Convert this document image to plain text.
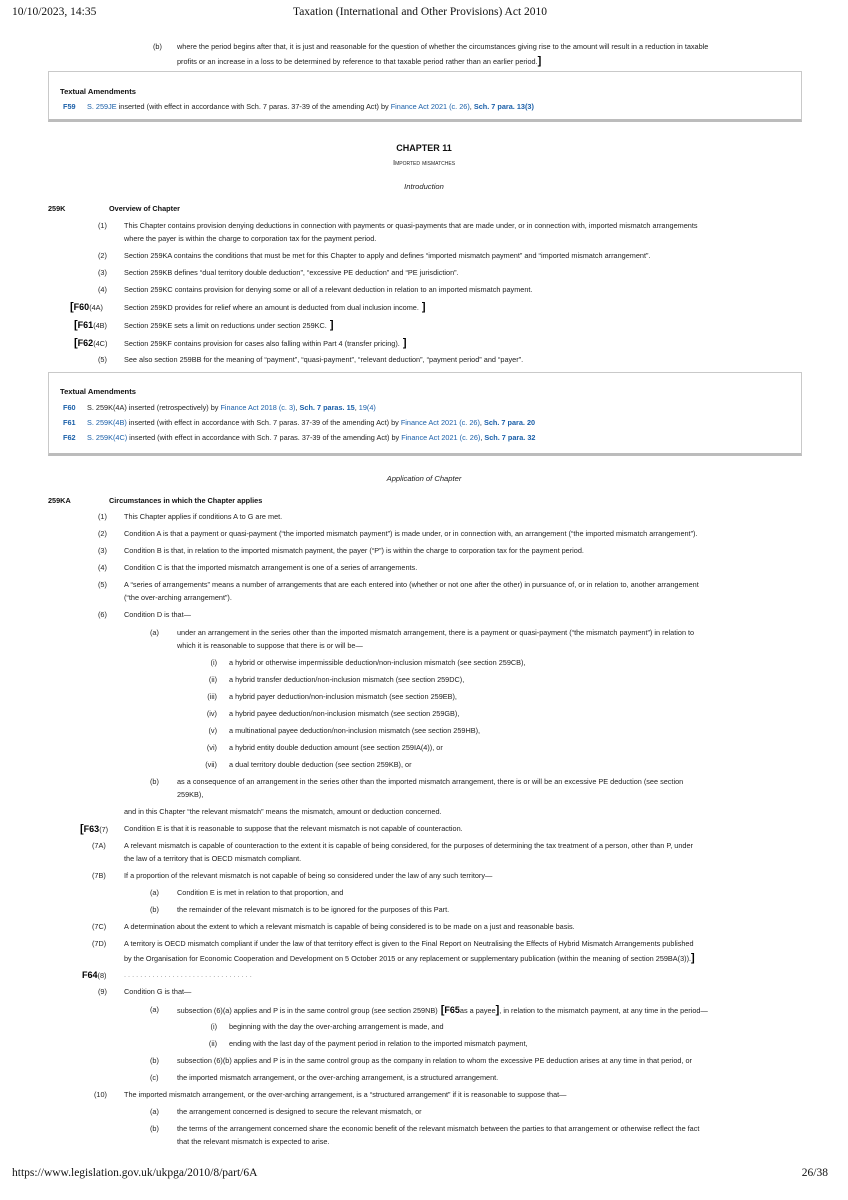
10/10/2023, 14:35	Taxation (International and Other Provisions) Act 2010
(b) where the period begins after that, it is just and reasonable for the question of whether the circumstances giving rise to the amount will result in a reduction in taxable
profits or an increase in a loss to be determined by reference to that taxable period rather than an earlier period.]
Textual Amendments
F59 S. 259JE inserted (with effect in accordance with Sch. 7 paras. 37-39 of the amending Act) by Finance Act 2021 (c. 26), Sch. 7 para. 13(3)
CHAPTER 11
Imported mismatches
Introduction
259K	Overview of Chapter
(1) This Chapter contains provision denying deductions in connection with payments or quasi-payments that are made under, or in connection with, imported mismatch arrangements
where the payer is within the charge to corporation tax for the payment period.
(2) Section 259KA contains the conditions that must be met for this Chapter to apply and defines “imported mismatch payment” and “imported mismatch arrangement”.
(3) Section 259KB defines “dual territory double deduction”, “excessive PE deduction” and “PE jurisdiction”.
(4) Section 259KC contains provision for denying some or all of a relevant deduction in relation to an imported mismatch payment.
[F60(4A)	Section 259KD provides for relief where an amount is deducted from dual inclusion income. ]
[F61(4B) Section 259KE sets a limit on reductions under section 259KC. ]
[F62(4C) Section 259KF contains provision for cases also falling within Part 4 (transfer pricing). ]
(5) See also section 259BB for the meaning of “payment”, “quasi-payment”, “relevant deduction”, “payment period” and “payer”.
Textual Amendments
F60 S. 259K(4A) inserted (retrospectively) by Finance Act 2018 (c. 3), Sch. 7 paras. 15, 19(4)
F61 S. 259K(4B) inserted (with effect in accordance with Sch. 7 paras. 37-39 of the amending Act) by Finance Act 2021 (c. 26), Sch. 7 para. 20
F62 S. 259K(4C) inserted (with effect in accordance with Sch. 7 paras. 37-39 of the amending Act) by Finance Act 2021 (c. 26), Sch. 7 para. 32
Application of Chapter
259KA	Circumstances in which the Chapter applies
(1) This Chapter applies if conditions A to G are met.
(2) Condition A is that a payment or quasi-payment (“the imported mismatch payment”) is made under, or in connection with, an arrangement (“the imported mismatch arrangement”).
(3) Condition B is that, in relation to the imported mismatch payment, the payer (“P”) is within the charge to corporation tax for the payment period.
(4) Condition C is that the imported mismatch arrangement is one of a series of arrangements.
(5) A “series of arrangements” means a number of arrangements that are each entered into (whether or not one after the other) in pursuance of, or in relation to, another arrangement
(“the over-arching arrangement”).
(6) Condition D is that—
(a) under an arrangement in the series other than the imported mismatch arrangement, there is a payment or quasi-payment (“the mismatch payment”) in relation to
which it is reasonable to suppose that there is or will be—
(i) a hybrid or otherwise impermissible deduction/non-inclusion mismatch (see section 259CB),
(ii) a hybrid transfer deduction/non-inclusion mismatch (see section 259DC),
(iii) a hybrid payer deduction/non-inclusion mismatch (see section 259EB),
(iv) a hybrid payee deduction/non-inclusion mismatch (see section 259GB),
(v) a multinational payee deduction/non-inclusion mismatch (see section 259HB),
(vi) a hybrid entity double deduction amount (see section 259IA(4)), or
(vii) a dual territory double deduction (see section 259KB), or
(b) as a consequence of an arrangement in the series other than the imported mismatch arrangement, there is or will be an excessive PE deduction (see section
259KB),
and in this Chapter “the relevant mismatch” means the mismatch, amount or deduction concerned.
[F63(7) Condition E is that it is reasonable to suppose that the relevant mismatch is not capable of counteraction.
(7A) A relevant mismatch is capable of counteraction to the extent it is capable of being considered, for the purposes of determining the tax treatment of a person, other than P, under
the law of a territory that is OECD mismatch compliant.
(7B) If a proportion of the relevant mismatch is not capable of being so considered under the law of any such territory—
(a) Condition E is met in relation to that proportion, and
(b) the remainder of the relevant mismatch is to be ignored for the purposes of this Part.
(7C) A determination about the extent to which a relevant mismatch is capable of being considered is to be made on a just and reasonable basis.
(7D) A territory is OECD mismatch compliant if under the law of that territory effect is given to the Final Report on Neutralising the Effects of Hybrid Mismatch Arrangements published
by the Organisation for Economic Cooperation and Development on 5 October 2015 or any replacement or supplementary publication (within the meaning of section 259BA(3)).]
F64(8) . . . . . . . . . . . . . . . . . . . . . . . . . . . . . . . .
(9) Condition G is that—
(a) subsection (6)(a) applies and P is in the same control group (see section 259NB) [F65as a payee], in relation to the mismatch payment, at any time in the period—
(i) beginning with the day the over-arching arrangement is made, and
(ii) ending with the last day of the payment period in relation to the imported mismatch payment,
(b) subsection (6)(b) applies and P is in the same control group as the company in relation to whom the excessive PE deduction arises at any time in that period, or
(c)	the imported mismatch arrangement, or the over-arching arrangement, is a structured arrangement.
(10) The imported mismatch arrangement, or the over-arching arrangement, is a “structured arrangement” if it is reasonable to suppose that—
(a) the arrangement concerned is designed to secure the relevant mismatch, or
(b) the terms of the arrangement concerned share the economic benefit of the relevant mismatch between the parties to that arrangement or otherwise reflect the fact
that the relevant mismatch is expected to arise.
https://www.legislation.gov.uk/ukpga/2010/8/part/6A	26/38
